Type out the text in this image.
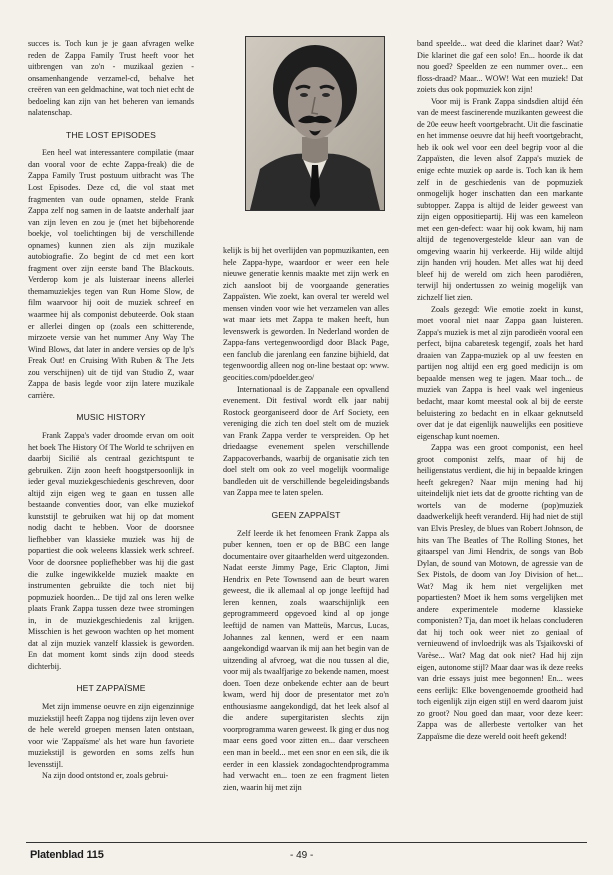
succes is. Toch kun je je gaan afvragen welke reden de Zappa Family Trust heeft voor het uitbrengen van zo'n - muzikaal gezien - onsamenhangende verzamel-cd, behalve het creëren van een geldmachine, wat toch niet echt de bedoeling kan zijn van het beheren van iemands nalatenschap.

THE LOST EPISODES

Een heel wat interessantere compilatie (maar dan vooral voor de echte Zappa-freak) die de Zappa Family Trust postuum uitbracht was The Lost Episodes. Deze cd, die vol staat met fragmenten van oude opnamen, stelde Frank Zappa zelf nog samen in de laatste anderhalf jaar van zijn leven en zou je (met het bijbehorende boekje, vol toelichtingen bij de verschillende opnames) kunnen zien als zijn muzikale autobiografie. Zo begint de cd met een kort fragment over zijn eerste band The Blackouts. Verderop kom je als luisteraar ineens allerlei themamuziekjes tegen van Run Home Slow, de film waarvoor hij ooit de muziek schreef en waarmee hij als componist debuteerde. Ook staan er allerlei dingen op (zoals een schitterende, mirzoete versie van het nummer Any Way The Wind Blows, dat later in andere versies op de lp's Freak Out! en Cruising With Ruben & The Jets zou verschijnen) uit de tijd van Studio Z, waar Zappa de basis legde voor zijn latere muzikale carrière.

MUSIC HISTORY

Frank Zappa's vader droomde ervan om ooit het boek The History Of The World te schrijven en daarbij Sicilië als centraal gezichtspunt te gebruiken. Zijn zoon heeft hoogstpersoonlijk in ieder geval muziekgeschiedenis geschreven, door altijd zijn eigen weg te gaan en tussen alle bestaande conventies door, van elke muziekof kunststijl te gebruiken wat hij op dat moment nodig dacht te hebben. Voor de doorsnee liefhebber van klassieke muziek was hij de popartiest die ook weleens klassiek werk schreef. Voor de doorsnee popliefhebber was hij die gast die zulke ingewikkelde muziek maakte en instrumenten gebruikte die toch niet bij popmuziek hoorden... De tijd zal ons leren welke plaats Frank Zappa tussen deze twee stromingen in, in de muziekgeschiedenis zal krijgen. Misschien is het gewoon wachten op het moment dat al zijn muziek vanzelf klassiek is geworden. En dat moment komt sinds zijn dood steeds dichterbij.

HET ZAPPAÏSME

Met zijn immense oeuvre en zijn eigenzinnige muziekstijl heeft Zappa nog tijdens zijn leven over de hele wereld groepen mensen laten ontstaan, voor wie 'Zappaïsme' als het ware hun favoriete muziekstijl is geworden en soms zelfs hun levensstijl.

Na zijn dood ontstond er, zoals gebrui-

kelijk is bij het overlijden van popmuzikanten, een hele Zappa-hype, waardoor er weer een hele nieuwe generatie kennis maakte met zijn werk en zich aansloot bij de voorgaande generaties Zappaïsten. Wie zoekt, kan overal ter wereld wel mensen vinden voor wie het verzamelen van alles wat maar iets met Zappa te maken heeft, hun levenswerk is geworden. In Nederland worden de Zappa-fans vertegenwoordigd door Black Page, een fanclub die jarenlang een fanzine bijhield, dat tegenwoordig alleen nog on-line bestaat op: www. geocities.com/pdoelder.geo/

Internationaal is de Zappanale een opvallend evenement. Dit festival wordt elk jaar nabij Rostock georganiseerd door de Arf Society, een vereniging die zich ten doel stelt om de muziek van Frank Zappa verder te verspreiden. Op het driedaagse evenement spelen verschillende Zappacoverbands, waarbij de organisatie zich ten doel stelt om ook zo veel mogelijk voormalige bandleden uit de verschillende begeleidingsbands van Zappa mee te laten spelen.

GEEN ZAPPAÏST

Zelf leerde ik het fenomeen Frank Zappa als puber kennen, toen er op de BBC een lange documentaire over gitaarhelden werd uitgezonden. Nadat eerste Jimmy Page, Eric Clapton, Jimi Hendrix en Pete Townsend aan de beurt waren geweest, die ik allemaal al op jonge leeftijd had leren kennen, zoals waarschijnlijk een geprogrammeerd opgevoed kind al op jonge leeftijd de namen van Matteüs, Marcus, Lucas, Johannes zal kennen, werd er een naam aangekondigd waarvan ik mij aan het begin van de uitzending al afvroeg, wat die nou tussen al die, voor mij als twaalfjarige zo bekende namen, moest doen. Toen deze onbekende echter aan de beurt kwam, werd hij door de presentator met zo'n enthousiasme aangekondigd, dat het leek alsof al die andere supergitaristen slechts zijn voorprogramma waren geweest. Ik ging er dus nog maar eens goed voor zitten en... daar verscheen een man in beeld... met een snor en een sik, die ik eerder in een klassiek zondagochtendprogramma had verwacht en... toen ze een fragment lieten zien, waarin hij met zijn

band speelde... wat deed die klarinet daar? Wat? Die klarinet die gaf een solo! En... hoorde ik dat nou goed? Speelden ze een nummer over... een floss-draad? Maar... WOW! Wat een muziek! Dat zoiets dus ook popmuziek kon zijn!

Voor mij is Frank Zappa sindsdien altijd één van de meest fascinerende muzikanten geweest die de 20e eeuw heeft voortgebracht. Uit die fascinatie en het immense oeuvre dat hij heeft voortgebracht, heb ik ook wel voor een deel begrip voor al die Zappaïsten, die leven alsof Zappa's muziek de enige echte muziek op aarde is. Toch kan ik hem zelf in de geschiedenis van de popmuziek onmogelijk hoger inschatten dan een markante subtopper. Zappa is altijd de leider geweest van zijn eigen oppositiepartij. Hij was een kameleon met een gen-defect: waar hij ook kwam, hij nam altijd de tegenovergestelde kleur aan van de omgeving waarin hij verkeerde. Hij wilde altijd zijn handen vrij houden. Met alles wat hij deed bleef hij de wereld om zich heen parodiëren, terwijl hij ondertussen zo weinig mogelijk van zichzelf liet zien.

Zoals gezegd: Wie emotie zoekt in kunst, moet vooral niet naar Zappa gaan luisteren. Zappa's muziek is met al zijn parodieën vooral een perfect, bijna cabaretesk tegengif, zoals het hard draaien van Zappa-muziek op al uw feesten en partijen nog altijd een erg goed medicijn is om bepaalde mensen weg te jagen. Maar toch... de muziek van Zappa is heel vaak wel ingenieus bedacht, maar komt meestal ook al bij de eerste beluistering zo bedacht en in elkaar geknutseld over dat je dat eigenlijk nauwelijks een positieve eigenschap kunt noemen.

Zappa was een groot componist, een heel groot componist zelfs, maar of hij de heiligenstatus verdient, die hij in bepaalde kringen heeft gekregen? Naar mijn mening had hij uiteindelijk niet iets dat de grootte richting van de wortels van de moderne (pop)muziek daadwerkelijk heeft veranderd. Hij had niet de stijl van Elvis Presley, de blues van Robert Johnson, de hits van The Beatles of The Rolling Stones, het gitaarspel van Jimi Hendrix, de songs van Bob Dylan, de sound van Motown, de agressie van de Sex Pistols, de doom van Joy Division of het... Wat? Mag ik hem niet vergelijken met popartiesten? Moet ik hem soms vergelijken met andere experimentele moderne klassieke componisten? Tja, dan moet ik helaas concluderen dat hij toch ook weer niet zo geniaal of vernieuwend of invloedrijk was als Tsjaikovski of Varèse... Wat? Mag dat ook niet? Had hij zijn eigen, autonome stijl? Maar daar was ik deze reeks van drie essays juist mee begonnen! En... wees eens eerlijk: Elke bovengenoemde grootheid had toch eigenlijk zijn eigen stijl en werd daarom juist zo groot? Nou goed dan maar, voor deze keer: Zappa was de allerbeste vertolker van het Zappaïsme die deze wereld ooit heeft gekend!

Platenblad 115	- 49 -
